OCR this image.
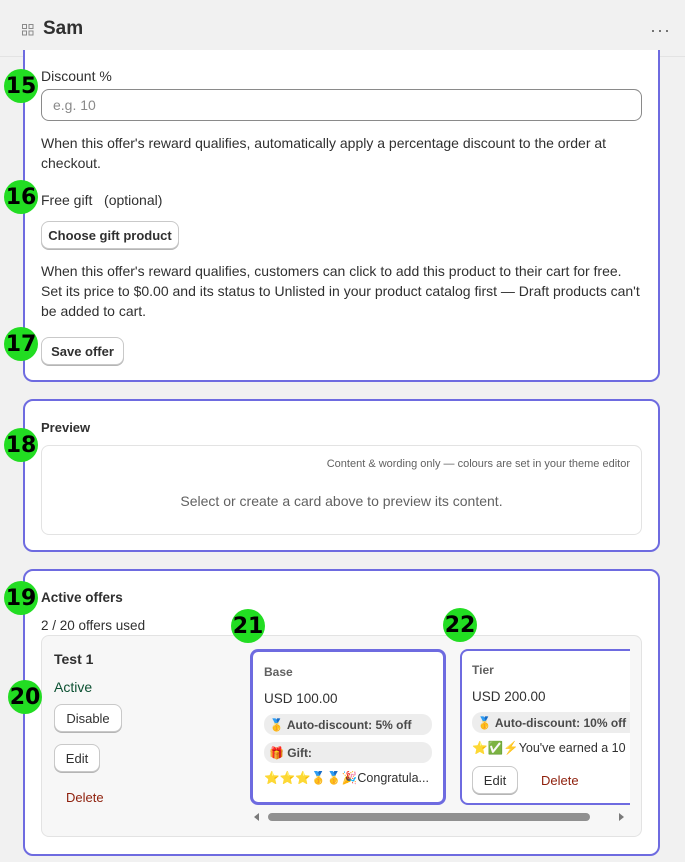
Sam	···
Discount %
e.g. 10
When this offer's reward qualifies, automatically apply a percentage discount to the order at checkout.
Free gift (optional)
Choose gift product
When this offer's reward qualifies, customers can click to add this product to their cart for free. Set its price to $0.00 and its status to Unlisted in your product catalog first — Draft products can't be added to cart.
Save offer
Preview
Content & wording only — colours are set in your theme editor
Select or create a card above to preview its content.
Active offers
2 / 20 offers used
Test 1
Active
Disable
Edit
Delete
Base
USD 100.00
🥇 Auto-discount: 5% off
🎁 Gift:
⭐⭐⭐🥇🥇🎉Congratula...
Tier
USD 200.00
🥇 Auto-discount: 10% off
⭐✅⚡You've earned a 10
Edit	Delete
15
16
17
18
19
20
21	22
